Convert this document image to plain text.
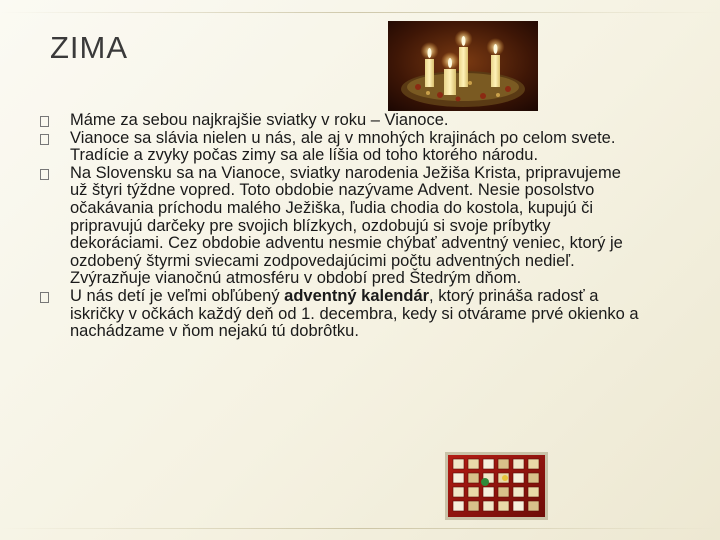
ZIMA
Máme za sebou najkrajšie sviatky v roku – Vianoce.
Vianoce sa slávia nielen u nás, ale aj v mnohých krajinách po celom svete. Tradície a zvyky počas zimy sa ale líšia od toho ktorého národu.
Na Slovensku sa na Vianoce, sviatky narodenia Ježiša Krista, pripravujeme už štyri týždne vopred. Toto obdobie nazývame Advent. Nesie posolstvo očakávania príchodu malého Ježiška, ľudia chodia do kostola, kupujú či pripravujú darčeky pre svojich blízkych, ozdobujú si svoje príbytky dekoráciami. Cez obdobie adventu nesmie chýbať adventný veniec, ktorý je ozdobený štyrmi sviecami zodpovedajúcimi počtu adventných nedieľ. Zvýrazňuje vianočnú atmosféru v období pred Štedrým dňom.
U nás detí je veľmi obľúbený adventný kalendár, ktorý prináša radosť a iskričky v očkách každý deň od 1. decembra, kedy si otvárame prvé okienko a nachádzame v ňom nejakú tú dobrôtku.
